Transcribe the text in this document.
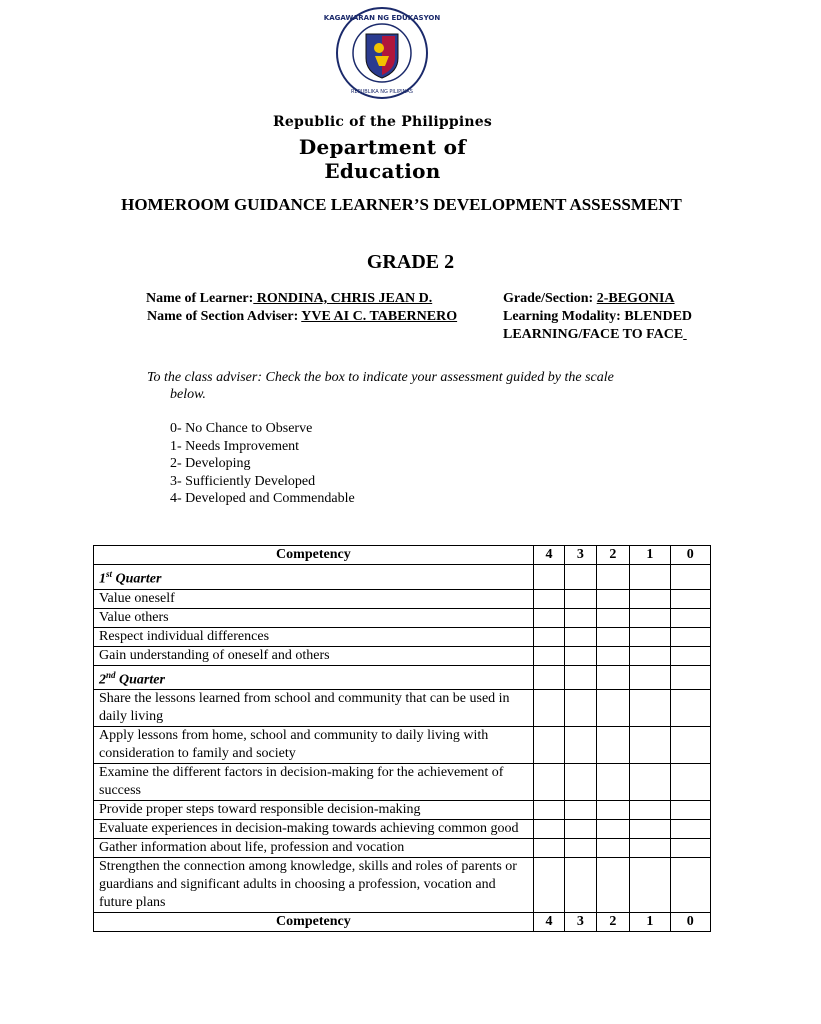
KAGAWARAN NG EDUKASYON
REPUBLIKA NG PILIPINAS
Republic of the Philippines
Department of Education
HOMEROOM GUIDANCE LEARNER’S DEVELOPMENT ASSESSMENT
GRADE 2
Name of Learner: RONDINA, CHRIS JEAN D.
Name of Section Adviser: YVE AI C. TABERNERO
Grade/Section: 2-BEGONIA
Learning Modality: BLENDED
LEARNING/FACE TO FACE
To the class adviser: Check the box to indicate your assessment guided by the scale
below.
0- No Chance to Observe
1- Needs Improvement
2- Developing
3- Sufficiently Developed
4- Developed and Commendable
Competency	4	3	2	1	0
1st Quarter					
Value oneself					
Value others					
Respect individual differences					
Gain understanding of oneself and others					
2nd Quarter					
Share the lessons learned from school and community that can be used in daily living					
Apply lessons from home, school and community to daily living with consideration to family and society					
Examine the different factors in decision-making for the achievement of success					
Provide proper steps toward responsible decision-making					
Evaluate experiences in decision-making towards achieving common good					
Gather information about life, profession and vocation					
Strengthen the connection among knowledge, skills and roles of parents or guardians and significant adults in choosing a profession, vocation and future plans					
Competency	4	3	2	1	0
